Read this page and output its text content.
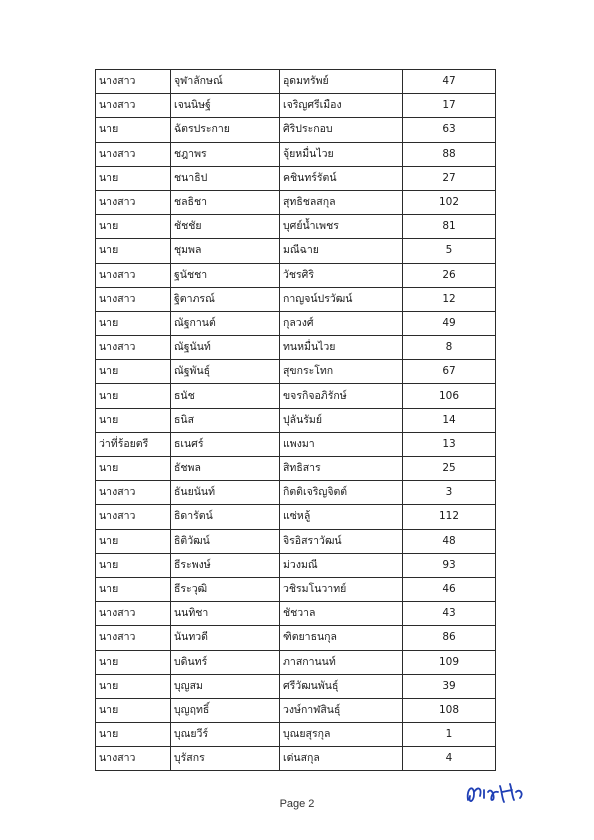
นางสาว	จุฬาลักษณ์	อุดมทรัพย์	47
นางสาว	เจนนิษฐ์	เจริญศรีเมือง	17
นาย	ฉัตรประกาย	ศิริประกอบ	63
นางสาว	ชฎาพร	จุ้ยหมื่นไวย	88
นาย	ชนาธิป	คชินทร์รัตน์	27
นางสาว	ชลธิชา	สุทธิชลสกุล	102
นาย	ชัชชัย	บุศย์น้ำเพชร	81
นาย	ชุมพล	มณีฉาย	5
นางสาว	ฐนัชชา	วัชรศิริ	26
นางสาว	ฐิตาภรณ์	กาญจน์ปรวัฒน์	12
นาย	ณัฐกานต์	กุลวงศ์	49
นางสาว	ณัฐนันท์	ทนหมื่นไวย	8
นาย	ณัฐพันธุ์	สุขกระโทก	67
นาย	ธนัช	ขจรกิจอภิรักษ์	106
นาย	ธนิส	ปุลันรัมย์	14
ว่าที่ร้อยตรี	ธเนศร์	แพงมา	13
นาย	ธัชพล	สิทธิสาร	25
นางสาว	ธันยนันท์	กิตติเจริญจิตต์	3
นางสาว	ธิดารัตน์	แซ่หลู้	112
นาย	ธิติวัฒน์	จิรอิสราวัฒน์	48
นาย	ธีระพงษ์	ม่วงมณี	93
นาย	ธีระวุฒิ	วชิรมโนวาทย์	46
นางสาว	นนทิชา	ชัชวาล	43
นางสาว	นันทวดี	ฑิตยาธนกุล	86
นาย	บดินทร์	ภาสกานนท์	109
นาย	บุญสม	ศรีวัฒนพันธุ์	39
นาย	บุญฤทธิ์	วงษ์กาฬสินธุ์	108
นาย	บุณยวีร์	บุณยสุรกุล	1
นางสาว	บุรัสกร	เด่นสกุล	4
Page 2
